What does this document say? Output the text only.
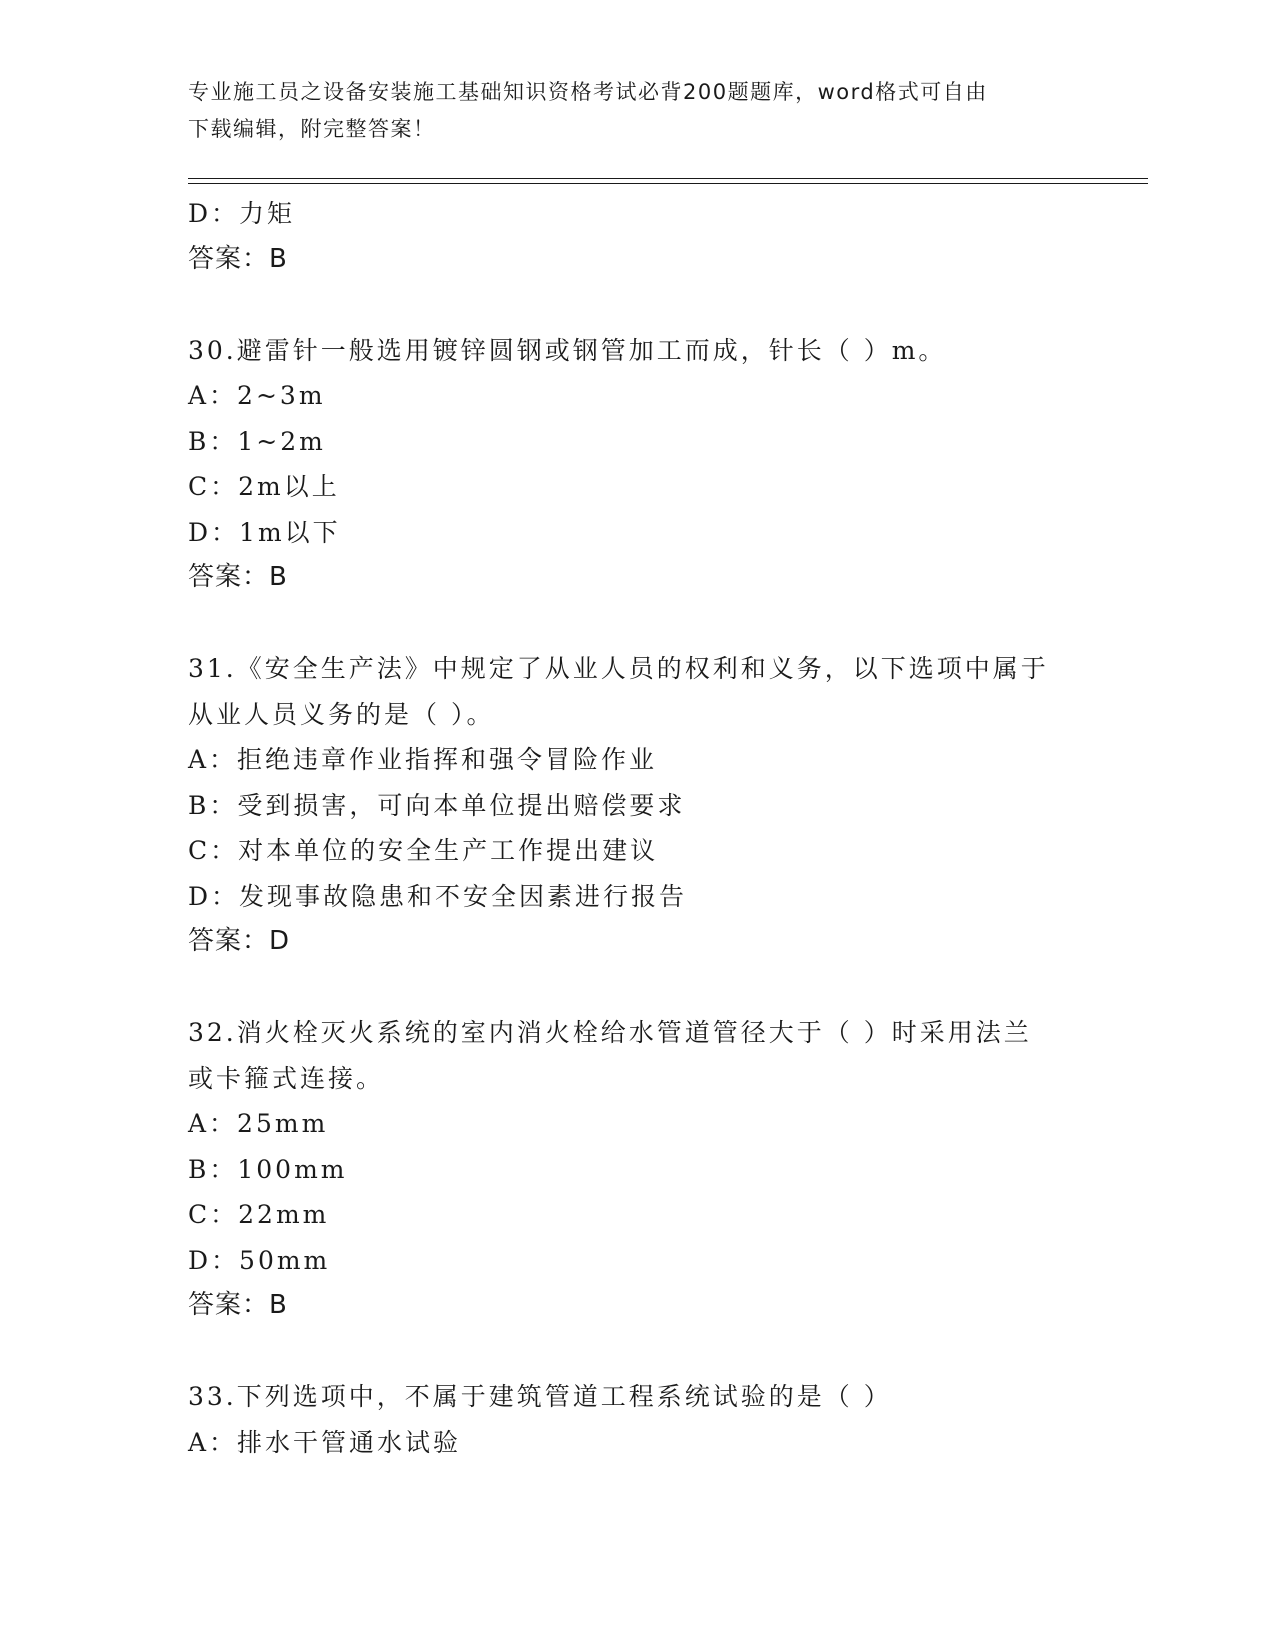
专业施工员之设备安装施工基础知识资格考试必背200题题库，word格式可自由
下载编辑，附完整答案！
D：力矩
答案：B
30.避雷针一般选用镀锌圆钢或钢管加工而成，针长（ ）m。
A：2~3m
B：1~2m
C：2m以上
D：1m以下
答案：B
31.《安全生产法》中规定了从业人员的权利和义务，以下选项中属于
从业人员义务的是（ ）。
A：拒绝违章作业指挥和强令冒险作业
B：受到损害，可向本单位提出赔偿要求
C：对本单位的安全生产工作提出建议
D：发现事故隐患和不安全因素进行报告
答案：D
32.消火栓灭火系统的室内消火栓给水管道管径大于（ ）时采用法兰
或卡箍式连接。
A：25mm
B：100mm
C：22mm
D：50mm
答案：B
33.下列选项中，不属于建筑管道工程系统试验的是（ ）
A：排水干管通水试验
